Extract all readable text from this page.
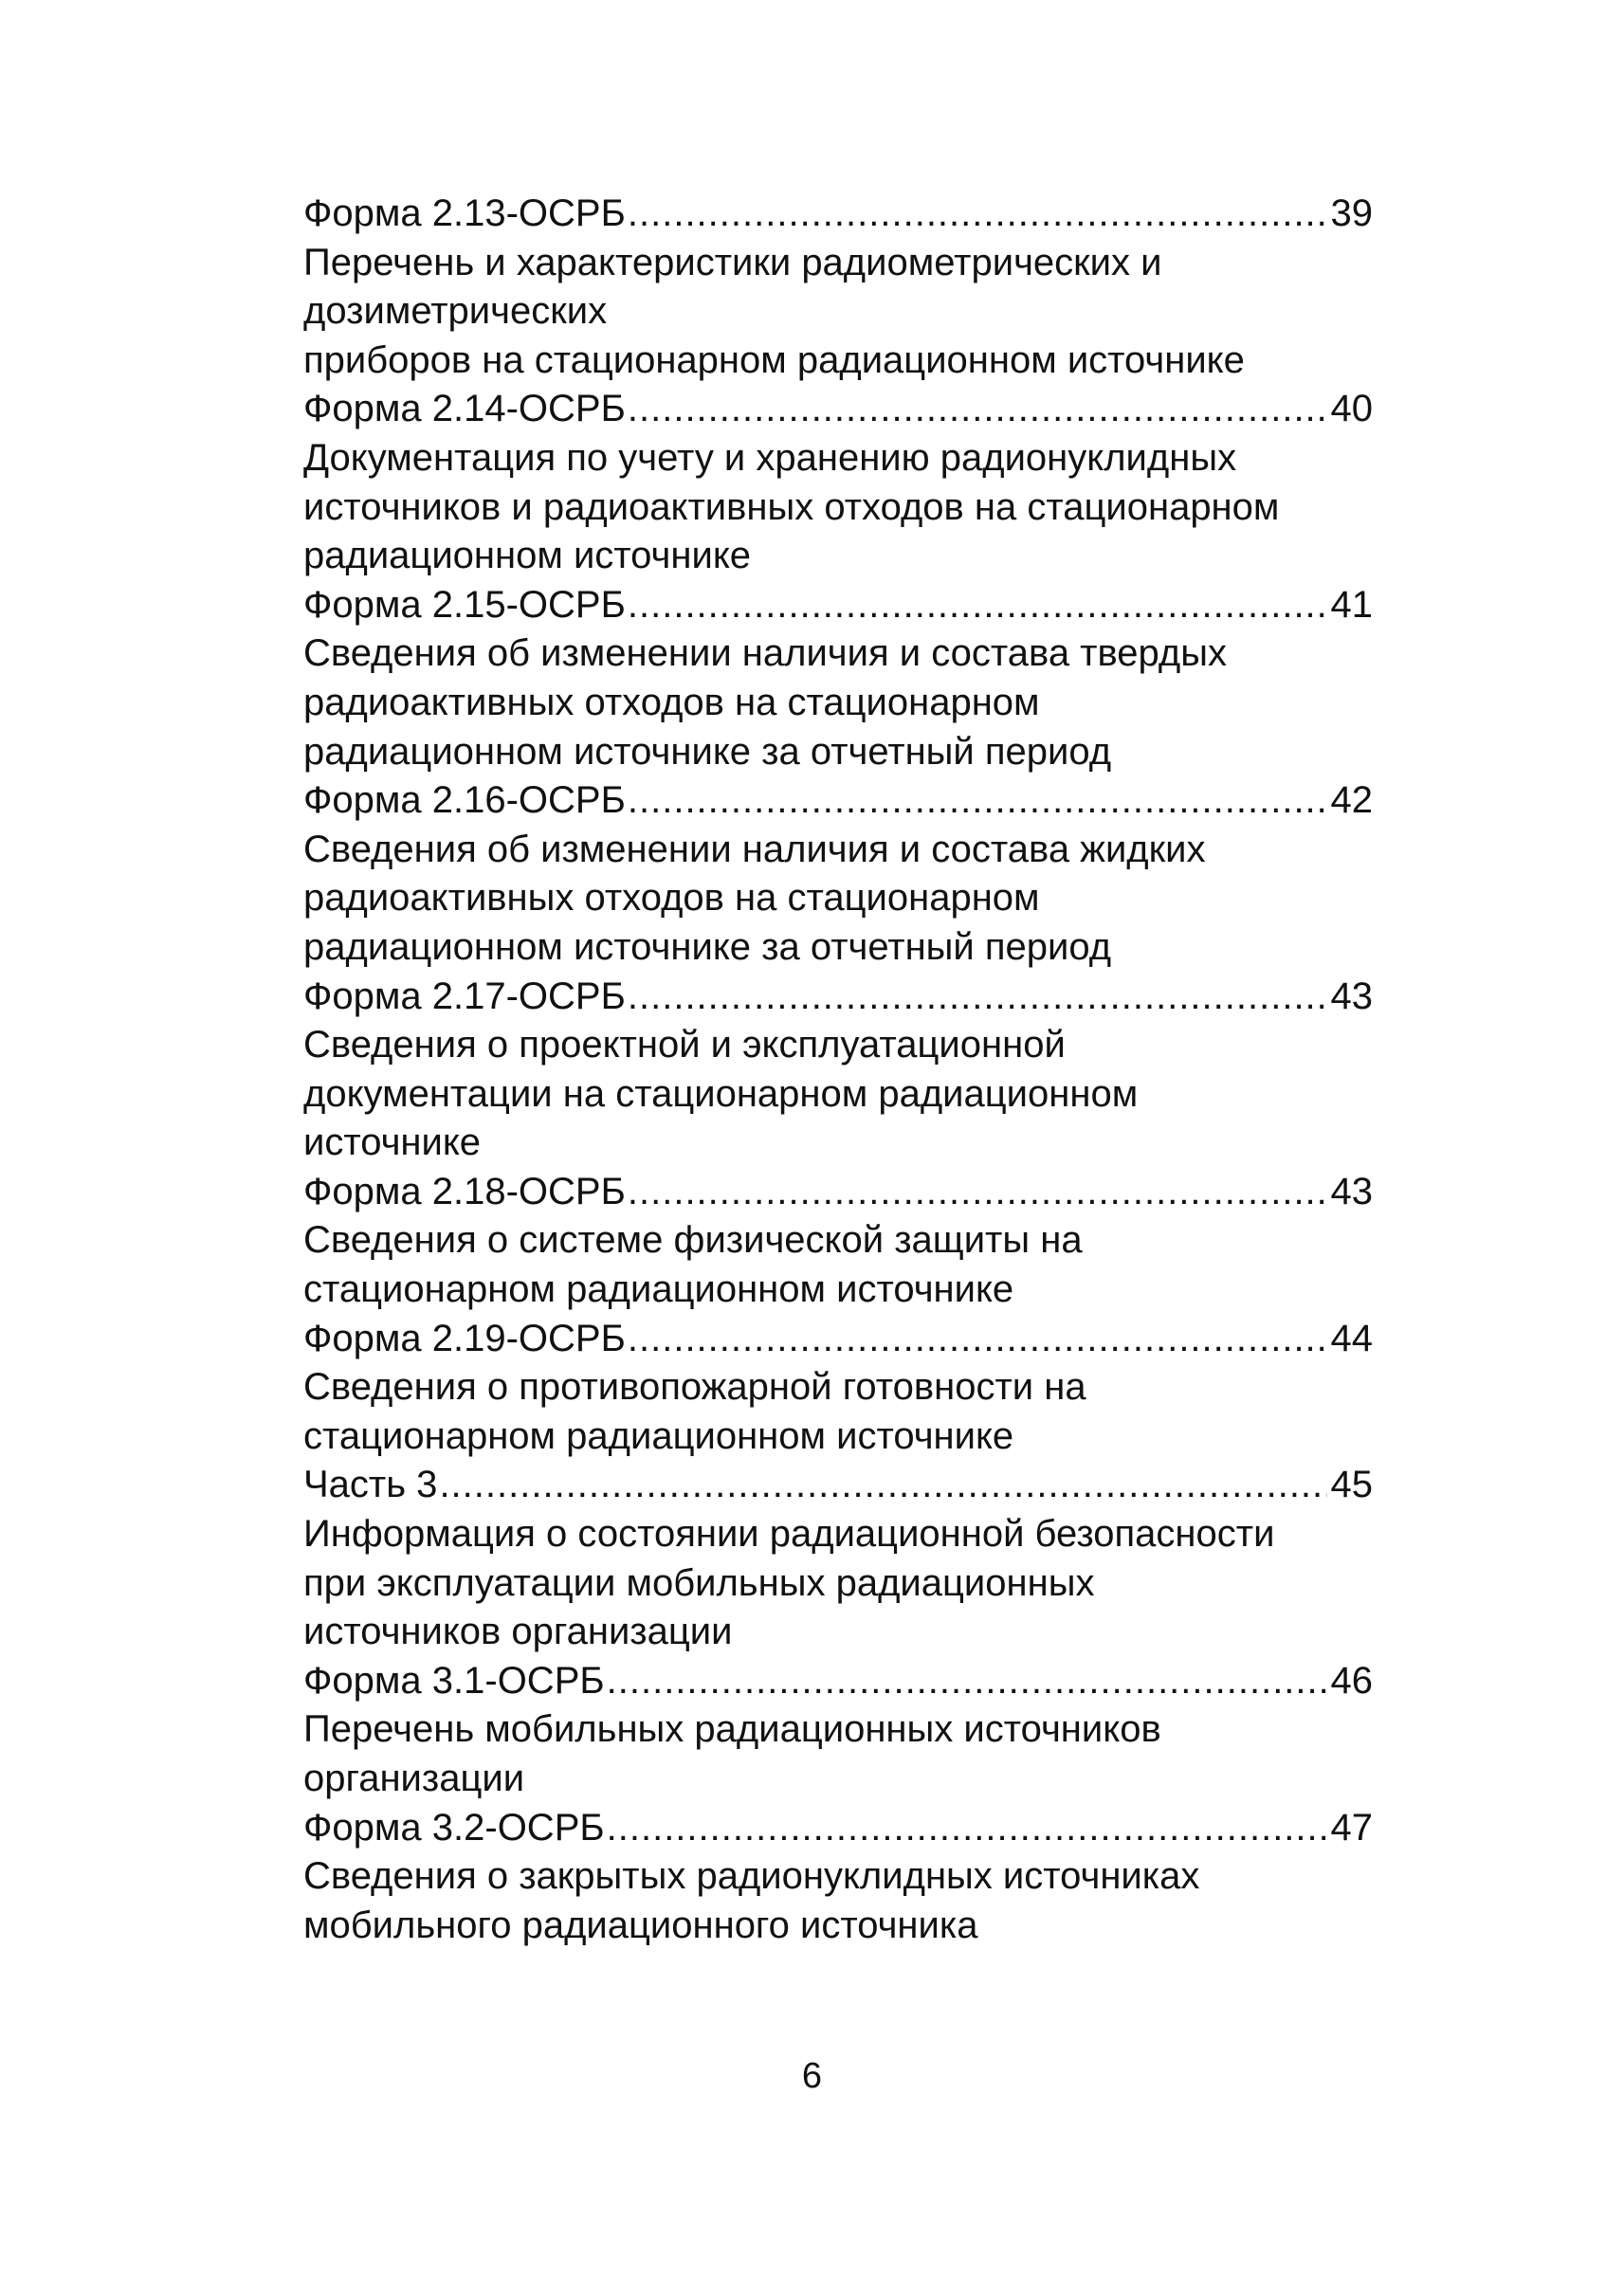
Форма 2.13-ОСРБ .....	39
Перечень и характеристики радиометрических и
дозиметрических
приборов на стационарном радиационном источнике
Форма 2.14-ОСРБ .....	40
Документация по учету и хранению радионуклидных
источников и радиоактивных отходов на стационарном
радиационном источнике
Форма 2.15-ОСРБ .....	41
Сведения об изменении наличия и состава твердых
радиоактивных отходов на стационарном
радиационном источнике за отчетный период
Форма 2.16-ОСРБ .....	42
Сведения об изменении наличия и состава жидких
радиоактивных отходов на стационарном
радиационном источнике за отчетный период
Форма 2.17-ОСРБ .....	43
Сведения о проектной и эксплуатационной
документации на стационарном радиационном
источнике
Форма 2.18-ОСРБ .....	43
Сведения о системе физической защиты на
стационарном радиационном источнике
Форма 2.19-ОСРБ .....	44
Сведения о противопожарной готовности на
стационарном радиационном источнике
Часть 3 .....	45
Информация о состоянии радиационной безопасности
при эксплуатации мобильных радиационных
источников организации
Форма 3.1-ОСРБ .....	46
Перечень мобильных радиационных источников
организации
Форма 3.2-ОСРБ .....	47
Сведения о закрытых радионуклидных источниках
мобильного радиационного источника
6
